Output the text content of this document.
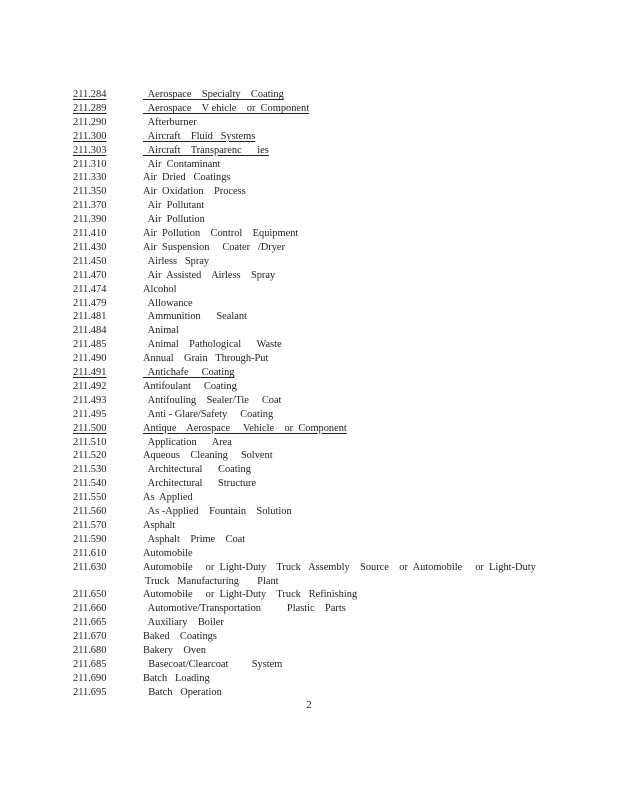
211.284	Aerospace    Specialty    Coating
211.289	Aerospace    V ehicle    or  Component
211.290	Afterburner
211.300	Aircraft    Fluid   Systems
211.303	Aircraft    Transparenc      ies
211.310	Air  Contaminant
211.330	Air  Dried   Coatings
211.350	Air  Oxidation    Process
211.370	Air  Pollutant
211.390	Air  Pollution
211.410	Air  Pollution    Control    Equipment
211.430	Air  Suspension     Coater   /Dryer
211.450	Airless   Spray
211.470	Air  Assisted    Airless    Spray
211.474	Alcohol
211.479	Allowance
211.481	Ammunition      Sealant
211.484	Animal
211.485	Animal    Pathological      Waste
211.490	Annual    Grain   Through-Put
211.491	Antichafe     Coating
211.492	Antifoulant     Coating
211.493	Antifouling    Sealer/Tie     Coat
211.495	Anti - Glare/Safety     Coating
211.500	Antique    Aerospace     Vehicle    or  Component
211.510	Application      Area
211.520	Aqueous    Cleaning     Solvent
211.530	Architectural      Coating
211.540	Architectural      Structure
211.550	As  Applied
211.560	As -Applied    Fountain    Solution
211.570	Asphalt
211.590	Asphalt    Prime    Coat
211.610	Automobile
211.630	Automobile     or  Light-Duty    Truck   Assembly    Source    or  Automobile     or  Light-Duty
Truck   Manufacturing       Plant
211.650	Automobile     or  Light-Duty    Truck   Refinishing
211.660	Automotive/Transportation          Plastic    Parts
211.665	Auxiliary    Boiler
211.670	Baked    Coatings
211.680	Bakery    Oven
211.685	Basecoat/Clearcoat         System
211.690	Batch   Loading
211.695	Batch   Operation
2
